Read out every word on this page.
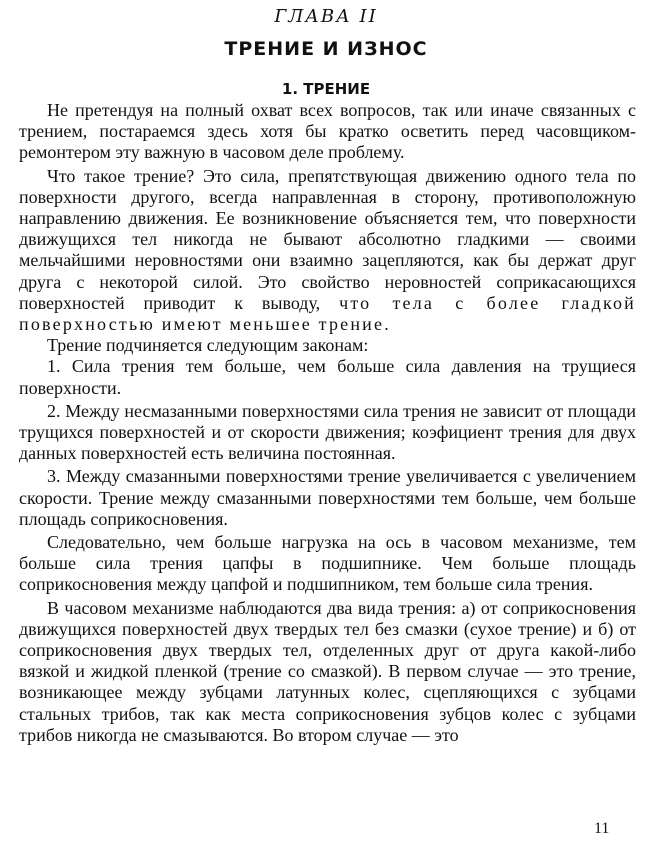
ГЛАВА II
ТРЕНИЕ И ИЗНОС
1. ТРЕНИЕ

Не претендуя на полный охват всех вопросов, так или иначе связанных с трением, постараемся здесь хотя бы кратко осветить перед часовщиком-ремонтером эту важную в часовом деле проблему.

Что такое трение? Это сила, препятствующая движению одного тела по поверхности другого, всегда направленная в сторону, противоположную направлению движения. Ее возникновение объясняется тем, что поверхности движущихся тел никогда не бывают абсолютно гладкими — своими мельчайшими неровностями они взаимно зацепляются, как бы держат друг друга с некоторой силой. Это свойство неровностей соприкасающихся поверхностей приводит к выводу, что тела с более гладкой поверхностью имеют меньшее трение.

Трение подчиняется следующим законам:

1. Сила трения тем больше, чем больше сила давления на трущиеся поверхности.

2. Между несмазанными поверхностями сила трения не зависит от площади трущихся поверхностей и от скорости движения; коэфициент трения для двух данных поверхностей есть величина постоянная.

3. Между смазанными поверхностями трение увеличивается с увеличением скорости. Трение между смазанными поверхностями тем больше, чем больше площадь соприкосновения.

Следовательно, чем больше нагрузка на ось в часовом механизме, тем больше сила трения цапфы в подшипнике. Чем больше площадь соприкосновения между цапфой и подшипником, тем больше сила трения.

В часовом механизме наблюдаются два вида трения: а) от соприкосновения движущихся поверхностей двух твердых тел без смазки (сухое трение) и б) от соприкосновения двух твердых тел, отделенных друг от друга какой-либо вязкой и жидкой пленкой (трение со смазкой). В первом случае — это трение, возникающее между зубцами латунных колес, сцепляющихся с зубцами стальных трибов, так как места соприкосновения зубцов колес с зубцами трибов никогда не смазываются. Во втором случае — это

11
